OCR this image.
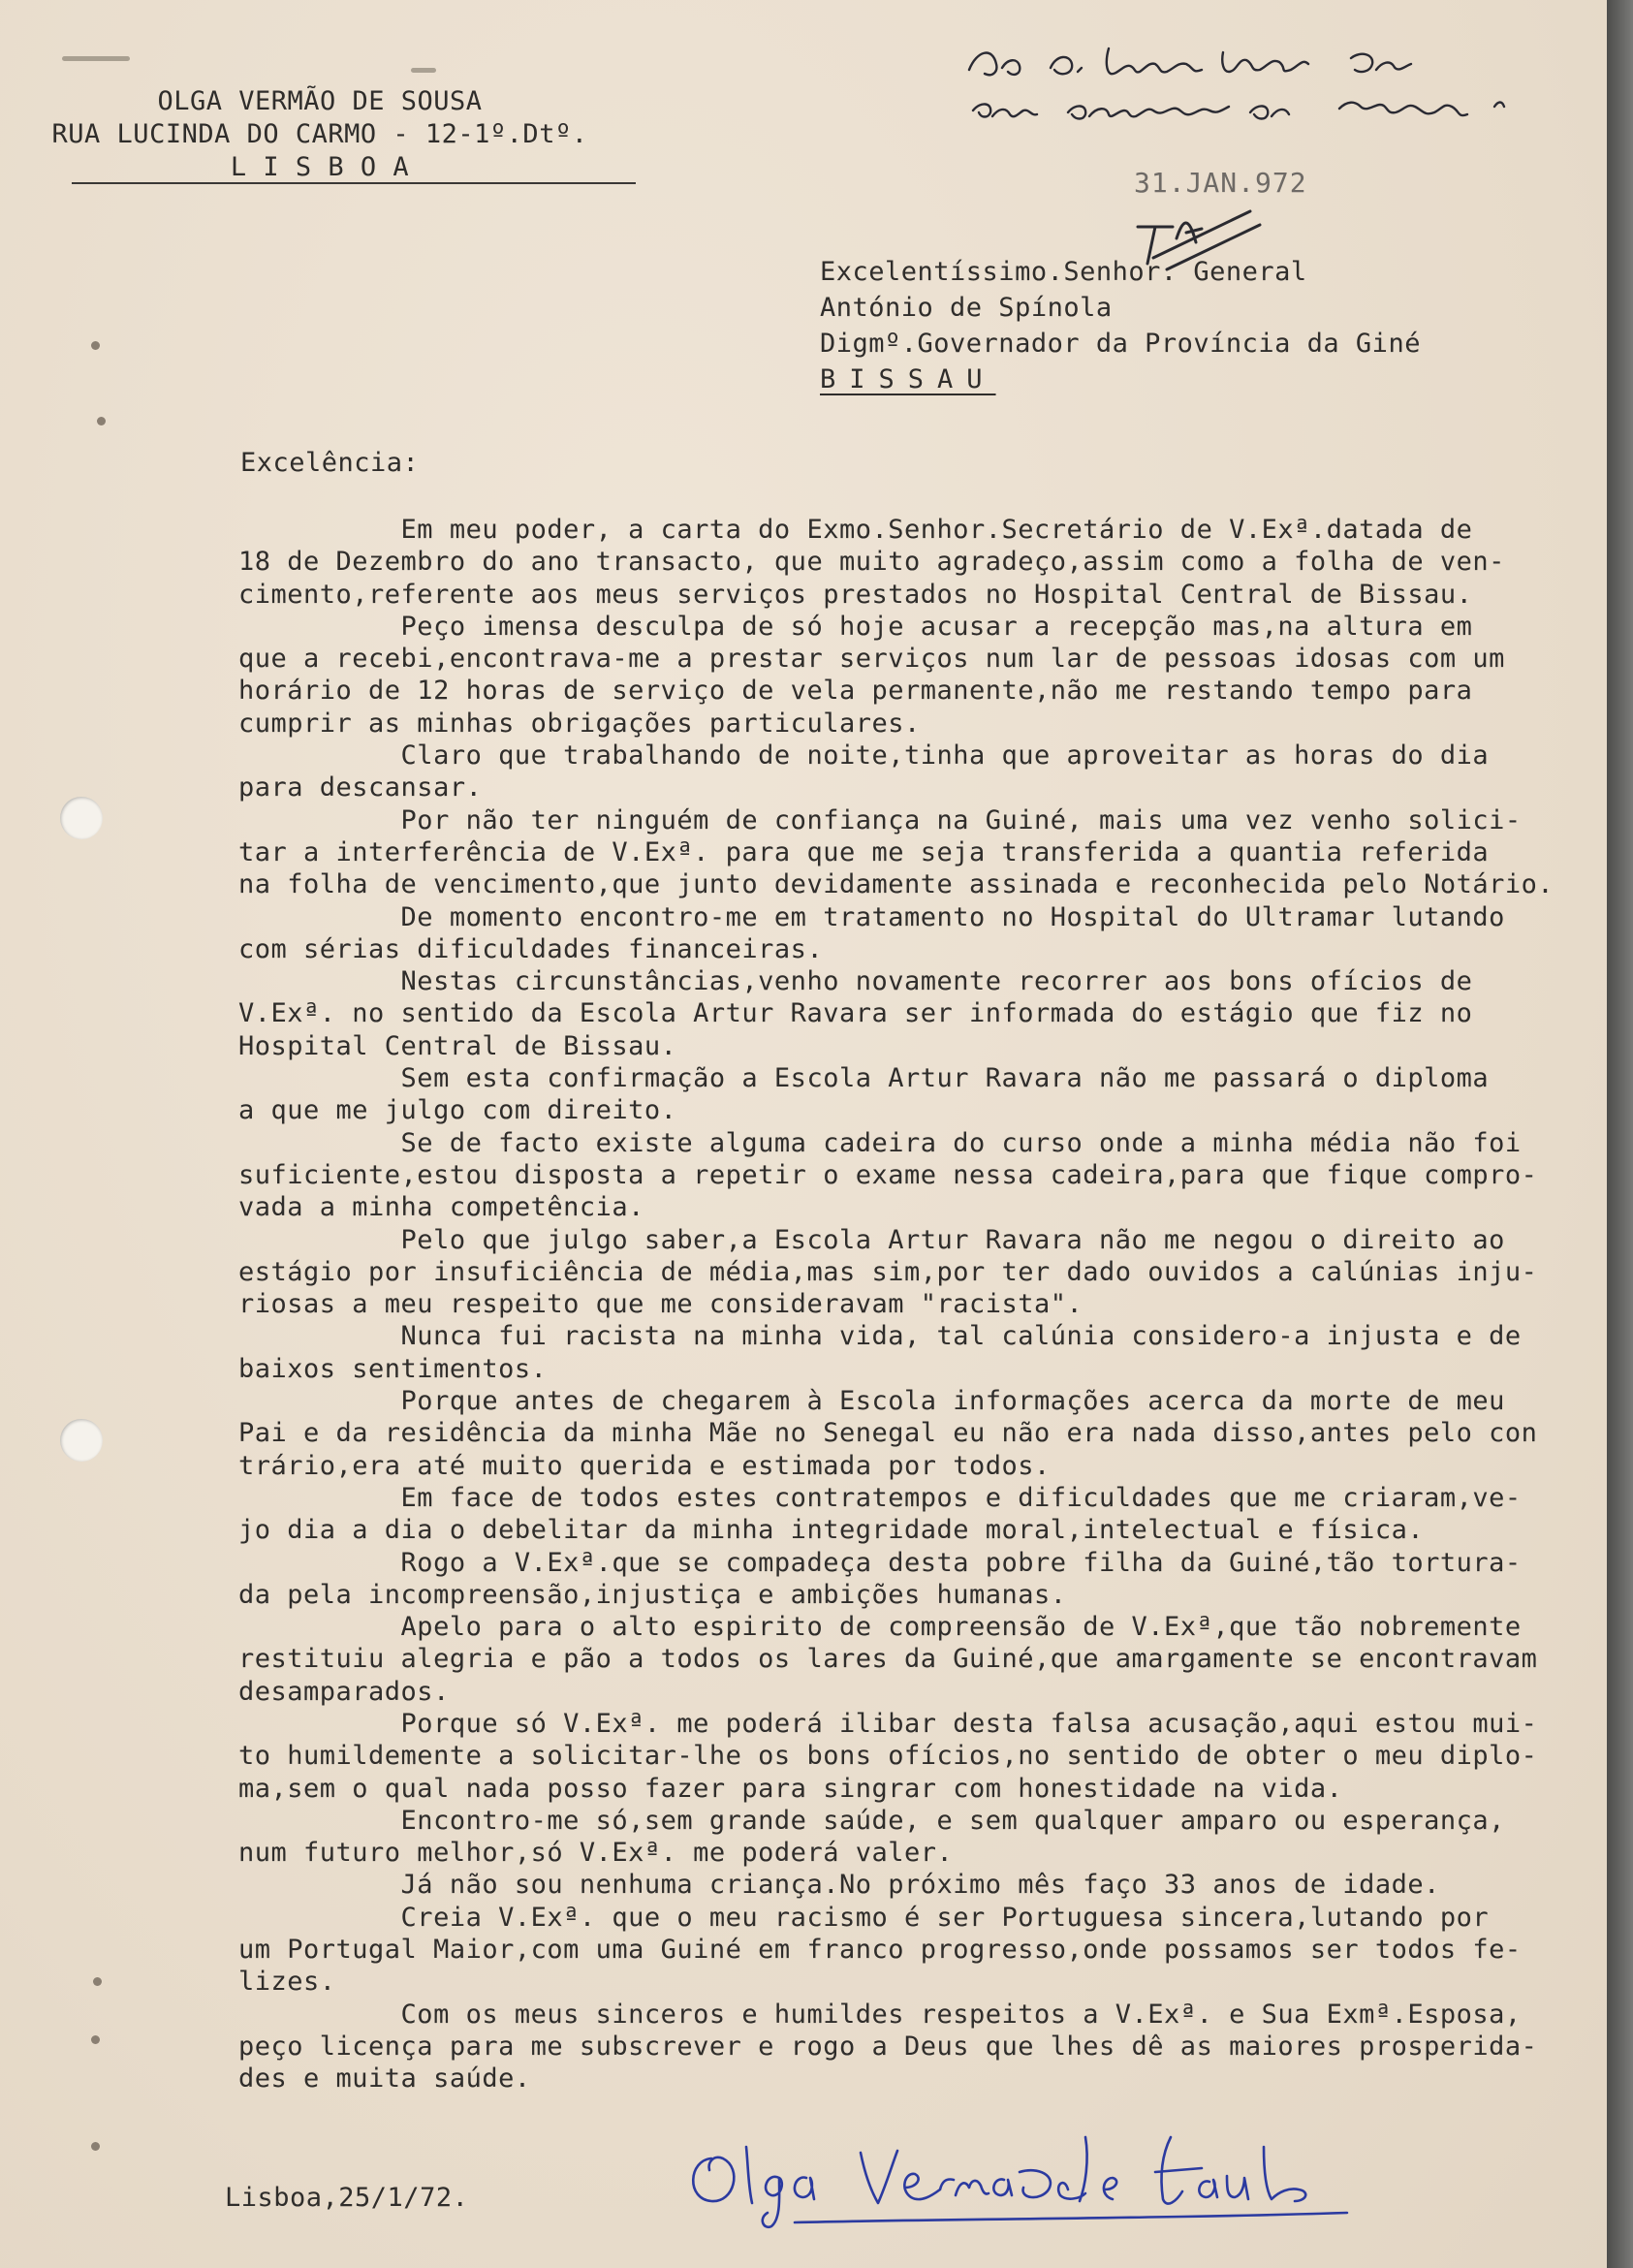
OLGA VERMÃO DE SOUSA
RUA LUCINDA DO CARMO - 12-1º.Dtº.
L I S B O A	31.JAN.972
Excelentíssimo.Senhor. General
António de Spínola
Digmº.Governador da Província da Giné
BISSAU
Excelência:

Em meu poder, a carta do Exmo.Senhor.Secretário de V.Exª.datada de

18 de Dezembro do ano transacto, que muito agradeço,assim como a folha de ven-

cimento,referente aos meus serviços prestados no Hospital Central de Bissau.

Peço imensa desculpa de só hoje acusar a recepção mas,na altura em

que a recebi,encontrava-me a prestar serviços num lar de pessoas idosas com um

horário de 12 horas de serviço de vela permanente,não me restando tempo para

cumprir as minhas obrigações particulares.

Claro que trabalhando de noite,tinha que aproveitar as horas do dia

para descansar.

Por não ter ninguém de confiança na Guiné, mais uma vez venho solici-

tar a interferência de V.Exª. para que me seja transferida a quantia referida

na folha de vencimento,que junto devidamente assinada e reconhecida pelo Notário.

De momento encontro-me em tratamento no Hospital do Ultramar lutando

com sérias dificuldades financeiras.

Nestas circunstâncias,venho novamente recorrer aos bons ofícios de

V.Exª. no sentido da Escola Artur Ravara ser informada do estágio que fiz no

Hospital Central de Bissau.

Sem esta confirmação a Escola Artur Ravara não me passará o diploma

a que me julgo com direito.

Se de facto existe alguma cadeira do curso onde a minha média não foi

suficiente,estou disposta a repetir o exame nessa cadeira,para que fique compro-

vada a minha competência.

Pelo que julgo saber,a Escola Artur Ravara não me negou o direito ao

estágio por insuficiência de média,mas sim,por ter dado ouvidos a calúnias inju-

riosas a meu respeito que me consideravam "racista".

Nunca fui racista na minha vida, tal calúnia considero-a injusta e de

baixos sentimentos.

Porque antes de chegarem à Escola informações acerca da morte de meu

Pai e da residência da minha Mãe no Senegal eu não era nada disso,antes pelo con

trário,era até muito querida e estimada por todos.

Em face de todos estes contratempos e dificuldades que me criaram,ve-

jo dia a dia o debelitar da minha integridade moral,intelectual e física.

Rogo a V.Exª.que se compadeça desta pobre filha da Guiné,tão tortura-

da pela incompreensão,injustiça e ambições humanas.

Apelo para o alto espirito de compreensão de V.Exª,que tão nobremente

restituiu alegria e pão a todos os lares da Guiné,que amargamente se encontravam

desamparados.

Porque só V.Exª. me poderá ilibar desta falsa acusação,aqui estou mui-

to humildemente a solicitar-lhe os bons ofícios,no sentido de obter o meu diplo-

ma,sem o qual nada posso fazer para singrar com honestidade na vida.

Encontro-me só,sem grande saúde, e sem qualquer amparo ou esperança,

num futuro melhor,só V.Exª. me poderá valer.

Já não sou nenhuma criança.No próximo mês faço 33 anos de idade.

Creia V.Exª. que o meu racismo é ser Portuguesa sincera,lutando por

um Portugal Maior,com uma Guiné em franco progresso,onde possamos ser todos fe-

lizes.

Com os meus sinceros e humildes respeitos a V.Exª. e Sua Exmª.Esposa,

peço licença para me subscrever e rogo a Deus que lhes dê as maiores prosperida-

des e muita saúde.

Lisboa,25/1/72.
